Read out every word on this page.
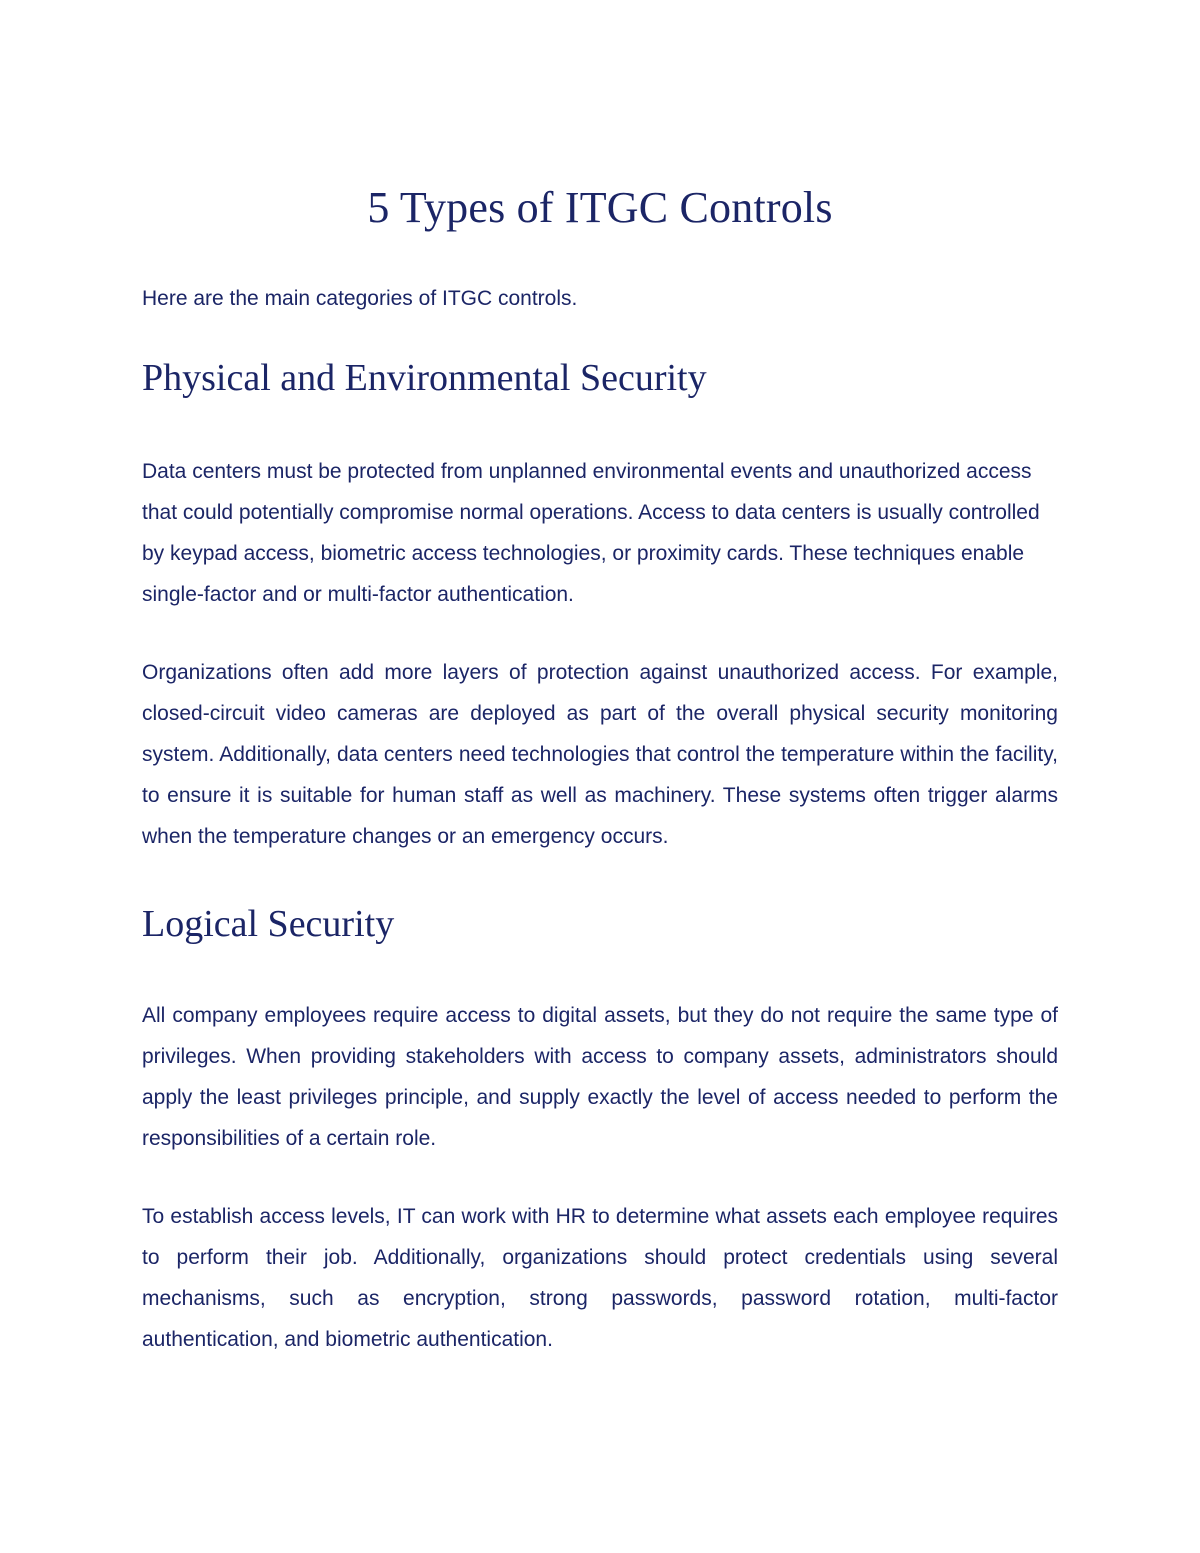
5 Types of ITGC Controls

Here are the main categories of ITGC controls.

Physical and Environmental Security

Data centers must be protected from unplanned environmental events and unauthorized access that could potentially compromise normal operations. Access to data centers is usually controlled by keypad access, biometric access technologies, or proximity cards. These techniques enable single-factor and or multi-factor authentication.

Organizations often add more layers of protection against unauthorized access. For example, closed-circuit video cameras are deployed as part of the overall physical security monitoring system. Additionally, data centers need technologies that control the temperature within the facility, to ensure it is suitable for human staff as well as machinery. These systems often trigger alarms when the temperature changes or an emergency occurs.

Logical Security

All company employees require access to digital assets, but they do not require the same type of privileges. When providing stakeholders with access to company assets, administrators should apply the least privileges principle, and supply exactly the level of access needed to perform the responsibilities of a certain role.

To establish access levels, IT can work with HR to determine what assets each employee requires to perform their job. Additionally, organizations should protect credentials using several mechanisms, such as encryption, strong passwords, password rotation, multi-factor authentication, and biometric authentication.
